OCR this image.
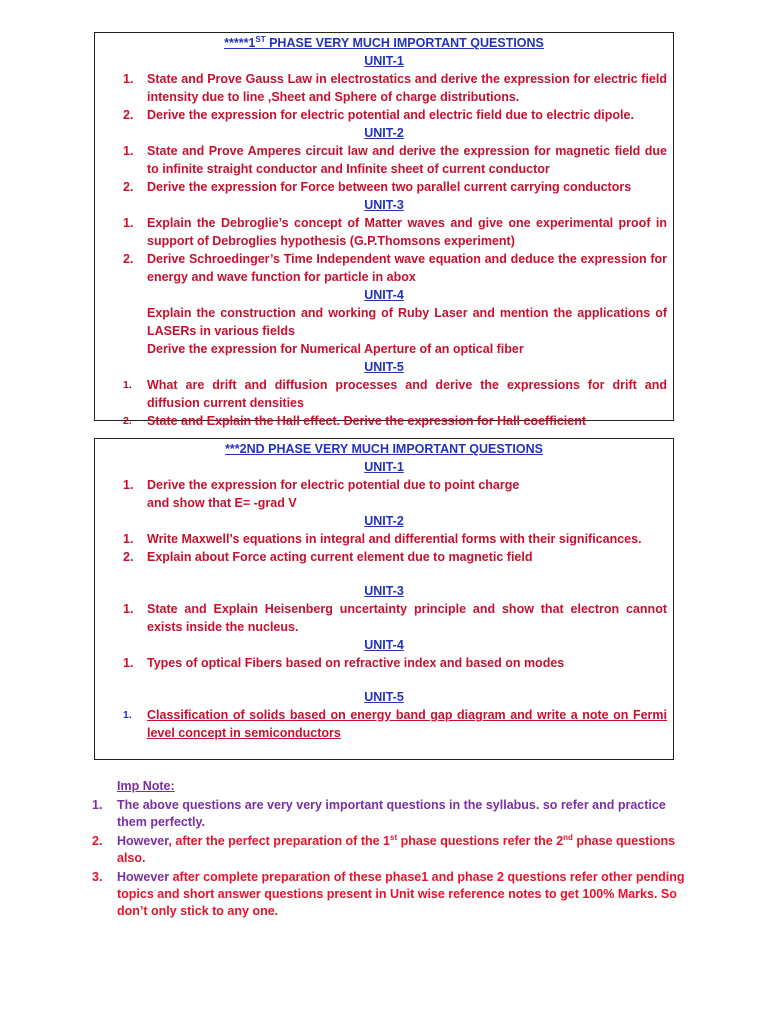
*****1ST PHASE VERY MUCH IMPORTANT QUESTIONS
UNIT-1
1. State and Prove Gauss Law in electrostatics and derive the expression for electric field intensity due to line ,Sheet and Sphere of charge distributions.
2. Derive the expression for electric potential and electric field due to electric dipole.
UNIT-2
1. State and Prove Amperes circuit law and derive the expression for magnetic field due to infinite straight conductor and Infinite sheet of current conductor
2. Derive the expression for Force between two parallel current carrying conductors
UNIT-3
1. Explain the Debroglie’s concept of Matter waves and give one experimental proof in support of Debroglies hypothesis (G.P.Thomsons experiment)
2. Derive Schroedinger’s Time Independent wave equation and deduce the expression for energy and wave function for particle in abox
UNIT-4
Explain the construction and working of Ruby Laser and mention the applications of LASERs in various fields
Derive the expression for Numerical Aperture of an optical fiber
UNIT-5
1. What are drift and diffusion processes and derive the expressions for drift and diffusion current densities
2. State and Explain the Hall effect. Derive the expression for Hall coefficient
***2ND PHASE VERY MUCH IMPORTANT QUESTIONS
UNIT-1
1. Derive the expression for electric potential due to point charge
and show that E= -grad V
UNIT-2
1. Write Maxwell’s equations in integral and differential forms with their significances.
2. Explain about Force acting current element due to magnetic field
UNIT-3
1. State and Explain Heisenberg uncertainty principle and show that electron cannot exists inside the nucleus.
UNIT-4
1. Types of optical Fibers based on refractive index and based on modes
UNIT-5
1. Classification of solids based on energy band gap diagram and write a note on Fermi level concept in semiconductors
Imp Note:
1. The above questions are very very important questions in the syllabus. so refer and practice them perfectly.
2. However, after the perfect preparation of the 1st phase questions refer the 2nd phase questions also.
3. However after complete preparation of these phase1 and phase 2 questions refer other pending topics and short answer questions present in Unit wise reference notes to get 100% Marks. So don’t only stick to any one.
